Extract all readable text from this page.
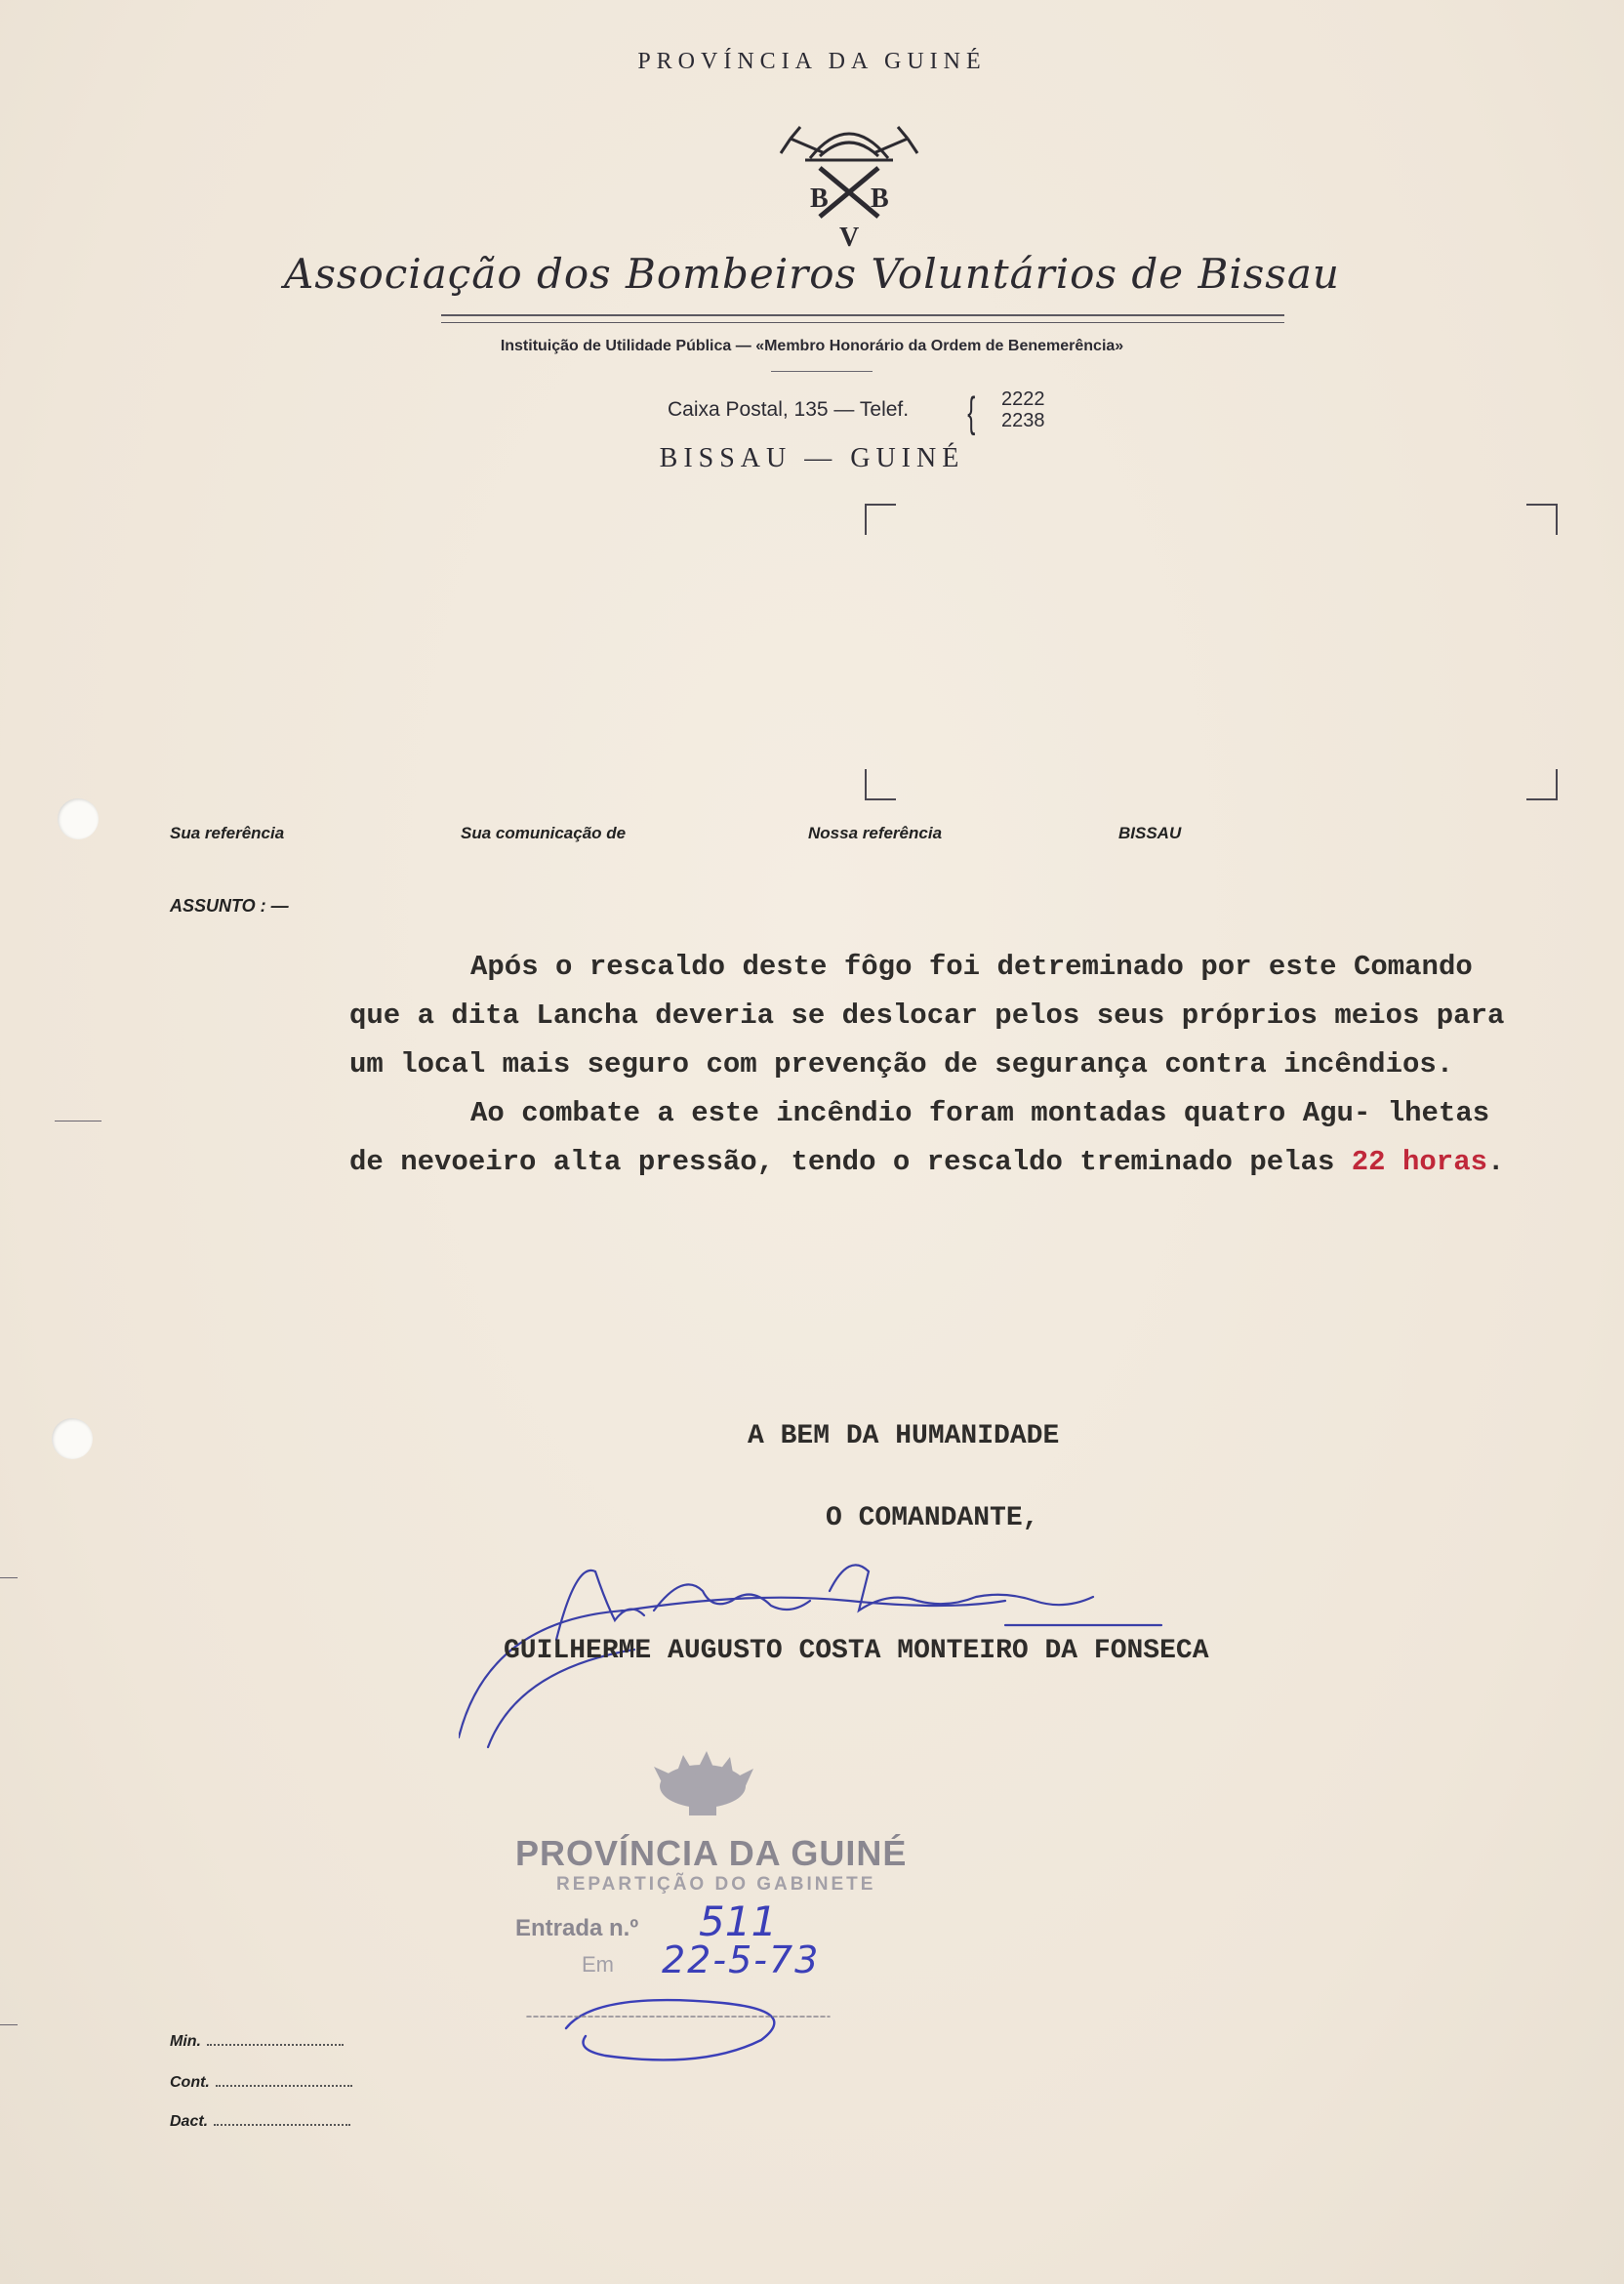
PROVÍNCIA DA GUINÉ
B B
V
Associação dos Bombeiros Voluntários de Bissau
Instituição de Utilidade Pública — «Membro Honorário da Ordem de Benemerência»
Caixa Postal, 135 — Telef. { 2222
2238
BISSAU — GUINÉ
Sua referência	Sua comunicação de	Nossa referência	BISSAU
ASSUNTO : —

Após o rescaldo deste fôgo foi detreminado por este Comando que a dita Lancha deveria se deslocar pelos seus próprios meios para um local mais seguro com prevenção de segurança contra incêndios.

Ao combate a este incêndio foram montadas quatro Agu- lhetas de nevoeiro alta pressão, tendo o rescaldo treminado pelas 22 horas.

A BEM DA HUMANIDADE
O COMANDANTE,
GUILHERME AUGUSTO COSTA MONTEIRO DA FONSECA
PROVÍNCIA DA GUINÉ
REPARTIÇÃO DO GABINETE
Entrada n.º 511
Em 22-5-73
Min.
Cont.
Dact.
